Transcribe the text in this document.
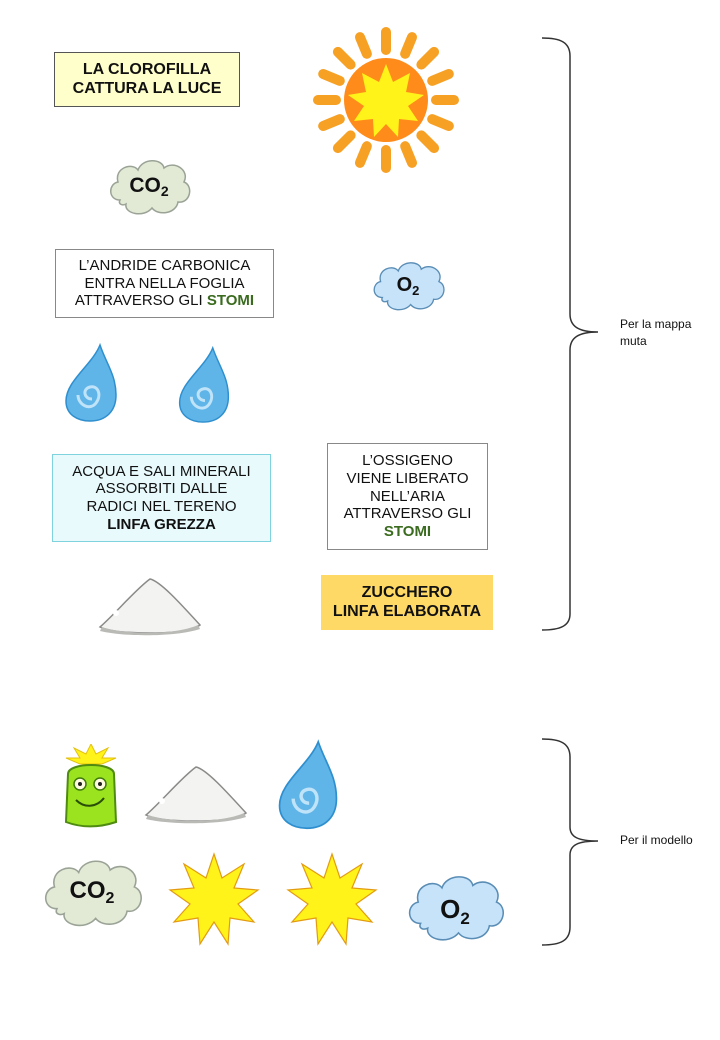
LA CLOROFILLA
CATTURA LA LUCE
L’ANDRIDE CARBONICA
ENTRA NELLA FOGLIA
ATTRAVERSO GLI STOMI
ACQUA E SALI MINERALI
ASSORBITI DALLE
RADICI NEL TERENO
LINFA GREZZA
L’OSSIGENO
VIENE LIBERATO
NELL’ARIA
ATTRAVERSO GLI
STOMI
ZUCCHERO
LINFA ELABORATA
CO2
$O_2$
Per la mappa
muta
$CO_2$	$O_2$
Per il modello
